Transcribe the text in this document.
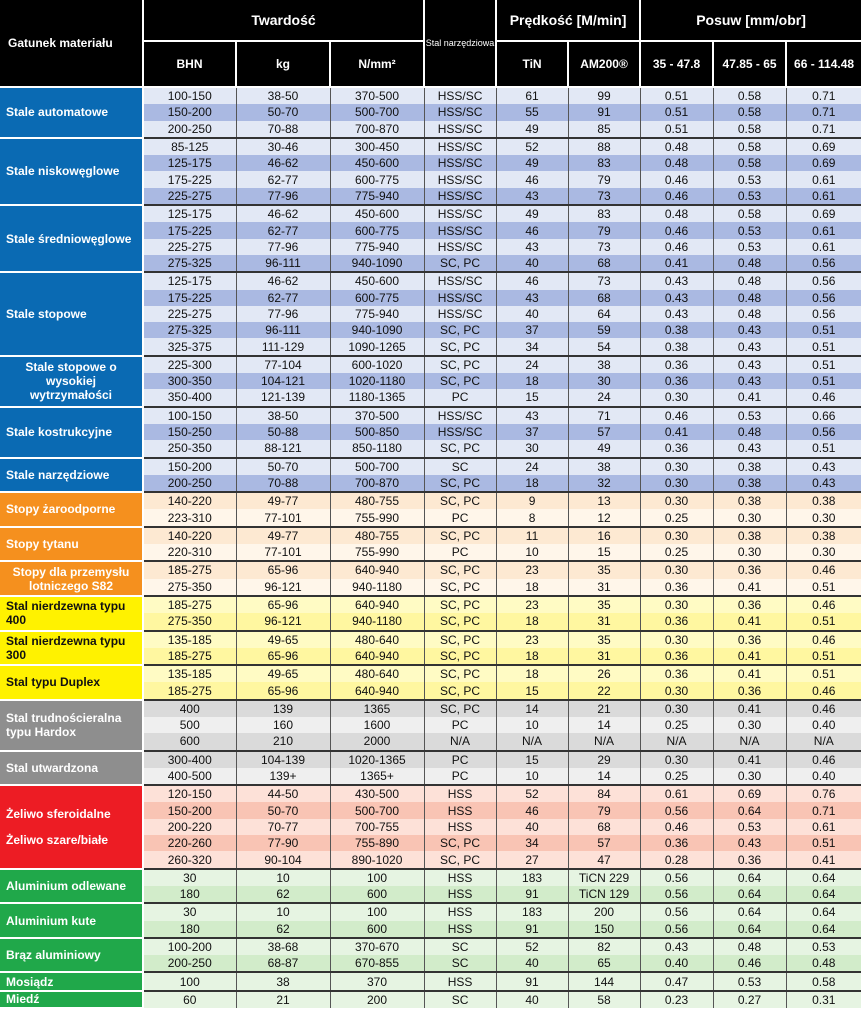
Gatunek materiału	Twardość			Stal narzędziowa	Prędkość [M/min]		Posuw [mm/obr]		
	BHN	kg	N/mm²		TiN	AM200®	35 - 47.8	47.85 - 65	66 - 114.48
Stale automatowe	100-150	38-50	370-500	HSS/SC	61	99	0.51	0.58	0.71
	150-200	50-70	500-700	HSS/SC	55	91	0.51	0.58	0.71
	200-250	70-88	700-870	HSS/SC	49	85	0.51	0.58	0.71
Stale niskowęglowe	85-125	30-46	300-450	HSS/SC	52	88	0.48	0.58	0.69
	125-175	46-62	450-600	HSS/SC	49	83	0.48	0.58	0.69
	175-225	62-77	600-775	HSS/SC	46	79	0.46	0.53	0.61
	225-275	77-96	775-940	HSS/SC	43	73	0.46	0.53	0.61
Stale średniowęglowe	125-175	46-62	450-600	HSS/SC	49	83	0.48	0.58	0.69
	175-225	62-77	600-775	HSS/SC	46	79	0.46	0.53	0.61
	225-275	77-96	775-940	HSS/SC	43	73	0.46	0.53	0.61
	275-325	96-111	940-1090	SC, PC	40	68	0.41	0.48	0.56
Stale stopowe	125-175	46-62	450-600	HSS/SC	46	73	0.43	0.48	0.56
	175-225	62-77	600-775	HSS/SC	43	68	0.43	0.48	0.56
	225-275	77-96	775-940	HSS/SC	40	64	0.43	0.48	0.56
	275-325	96-111	940-1090	SC, PC	37	59	0.38	0.43	0.51
	325-375	111-129	1090-1265	SC, PC	34	54	0.38	0.43	0.51
Stale stopowe o wysokiej wytrzymałości	225-300	77-104	600-1020	SC, PC	24	38	0.36	0.43	0.51
	300-350	104-121	1020-1180	SC, PC	18	30	0.36	0.43	0.51
	350-400	121-139	1180-1365	PC	15	24	0.30	0.41	0.46
Stale kostrukcyjne	100-150	38-50	370-500	HSS/SC	43	71	0.46	0.53	0.66
	150-250	50-88	500-850	HSS/SC	37	57	0.41	0.48	0.56
	250-350	88-121	850-1180	SC, PC	30	49	0.36	0.43	0.51
Stale narzędziowe	150-200	50-70	500-700	SC	24	38	0.30	0.38	0.43
	200-250	70-88	700-870	SC, PC	18	32	0.30	0.38	0.43
Stopy żaroodporne	140-220	49-77	480-755	SC, PC	9	13	0.30	0.38	0.38
	223-310	77-101	755-990	PC	8	12	0.25	0.30	0.30
Stopy tytanu	140-220	49-77	480-755	SC, PC	11	16	0.30	0.38	0.38
	220-310	77-101	755-990	PC	10	15	0.25	0.30	0.30
Stopy dla przemysłu lotniczego S82	185-275	65-96	640-940	SC, PC	23	35	0.30	0.36	0.46
	275-350	96-121	940-1180	SC, PC	18	31	0.36	0.41	0.51
Stal nierdzewna typu 400	185-275	65-96	640-940	SC, PC	23	35	0.30	0.36	0.46
	275-350	96-121	940-1180	SC, PC	18	31	0.36	0.41	0.51
Stal nierdzewna typu 300	135-185	49-65	480-640	SC, PC	23	35	0.30	0.36	0.46
	185-275	65-96	640-940	SC, PC	18	31	0.36	0.41	0.51
Stal typu Duplex	135-185	49-65	480-640	SC, PC	18	26	0.36	0.41	0.51
	185-275	65-96	640-940	SC, PC	15	22	0.30	0.36	0.46
Stal trudnościeralna typu Hardox	400	139	1365	SC, PC	14	21	0.30	0.41	0.46
	500	160	1600	PC	10	14	0.25	0.30	0.40
	600	210	2000	N/A	N/A	N/A	N/A	N/A	N/A
Stal utwardzona	300-400	104-139	1020-1365	PC	15	29	0.30	0.41	0.46
	400-500	139+	1365+	PC	10	14	0.25	0.30	0.40

Żeliwo sferoidalne
Żeliwo szare/białe	120-150	44-50	430-500	HSS	52	84	0.61	0.69	0.76
	150-200	50-70	500-700	HSS	46	79	0.56	0.64	0.71
	200-220	70-77	700-755	HSS	40	68	0.46	0.53	0.61
	220-260	77-90	755-890	SC, PC	34	57	0.36	0.43	0.51
	260-320	90-104	890-1020	SC, PC	27	47	0.28	0.36	0.41
Aluminium odlewane	30	10	100	HSS	183	TiCN 229	0.56	0.64	0.64
	180	62	600	HSS	91	TiCN 129	0.56	0.64	0.64
Aluminium kute	30	10	100	HSS	183	200	0.56	0.64	0.64
	180	62	600	HSS	91	150	0.56	0.64	0.64
Brąz aluminiowy	100-200	38-68	370-670	SC	52	82	0.43	0.48	0.53
	200-250	68-87	670-855	SC	40	65	0.40	0.46	0.48
Mosiądz	100	38	370	HSS	91	144	0.47	0.53	0.58
Miedź	60	21	200	SC	40	58	0.23	0.27	0.31
